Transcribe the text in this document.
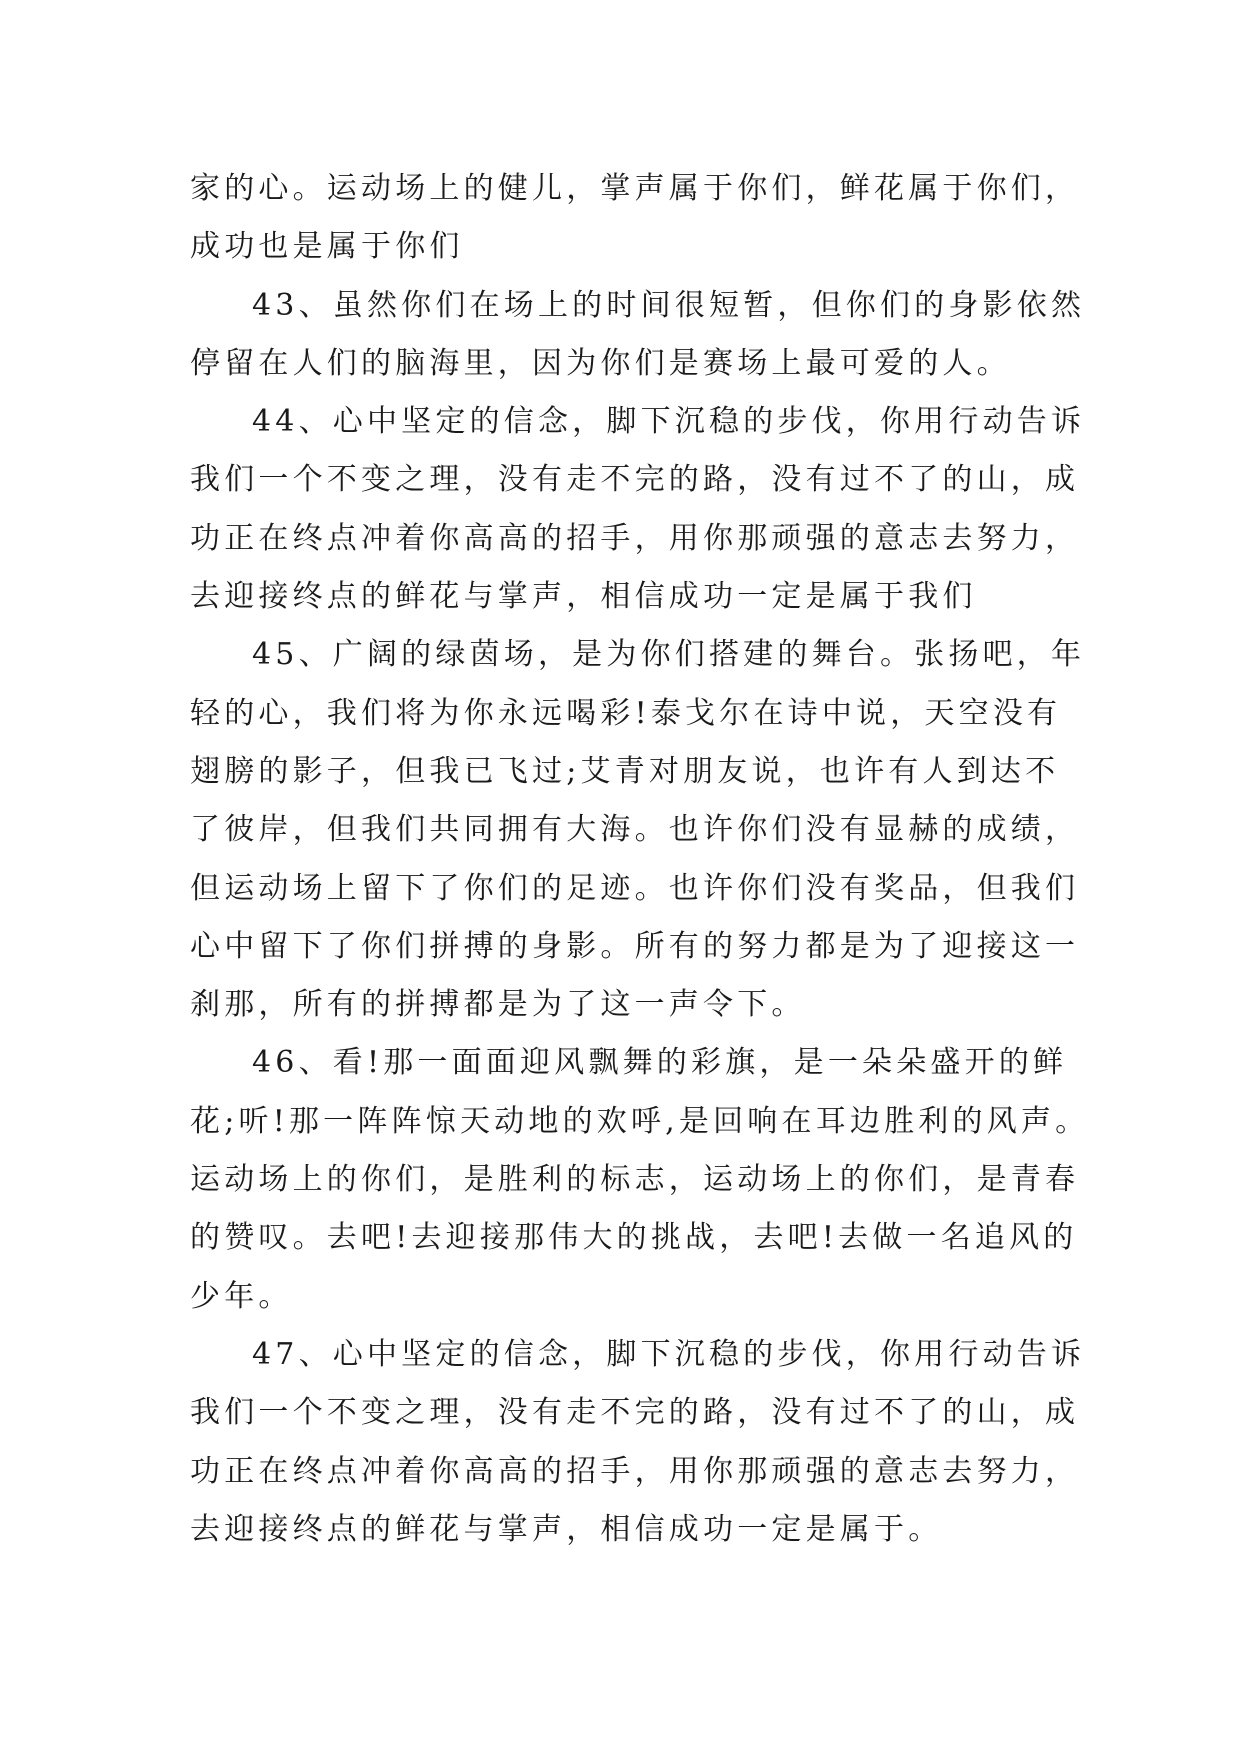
家的心。运动场上的健儿，掌声属于你们，鲜花属于你们，
成功也是属于你们
43、虽然你们在场上的时间很短暂，但你们的身影依然
停留在人们的脑海里，因为你们是赛场上最可爱的人。
44、心中坚定的信念，脚下沉稳的步伐，你用行动告诉
我们一个不变之理，没有走不完的路，没有过不了的山，成
功正在终点冲着你高高的招手，用你那顽强的意志去努力，
去迎接终点的鲜花与掌声，相信成功一定是属于我们
45、广阔的绿茵场，是为你们搭建的舞台。张扬吧，年
轻的心，我们将为你永远喝彩!泰戈尔在诗中说，天空没有
翅膀的影子，但我已飞过;艾青对朋友说，也许有人到达不
了彼岸，但我们共同拥有大海。也许你们没有显赫的成绩，
但运动场上留下了你们的足迹。也许你们没有奖品，但我们
心中留下了你们拼搏的身影。所有的努力都是为了迎接这一
刹那，所有的拼搏都是为了这一声令下。
46、看!那一面面迎风飘舞的彩旗，是一朵朵盛开的鲜
花;听!那一阵阵惊天动地的欢呼,是回响在耳边胜利的风声。
运动场上的你们，是胜利的标志，运动场上的你们，是青春
的赞叹。去吧!去迎接那伟大的挑战，去吧!去做一名追风的
少年。
47、心中坚定的信念，脚下沉稳的步伐，你用行动告诉
我们一个不变之理，没有走不完的路，没有过不了的山，成
功正在终点冲着你高高的招手，用你那顽强的意志去努力，
去迎接终点的鲜花与掌声，相信成功一定是属于。
